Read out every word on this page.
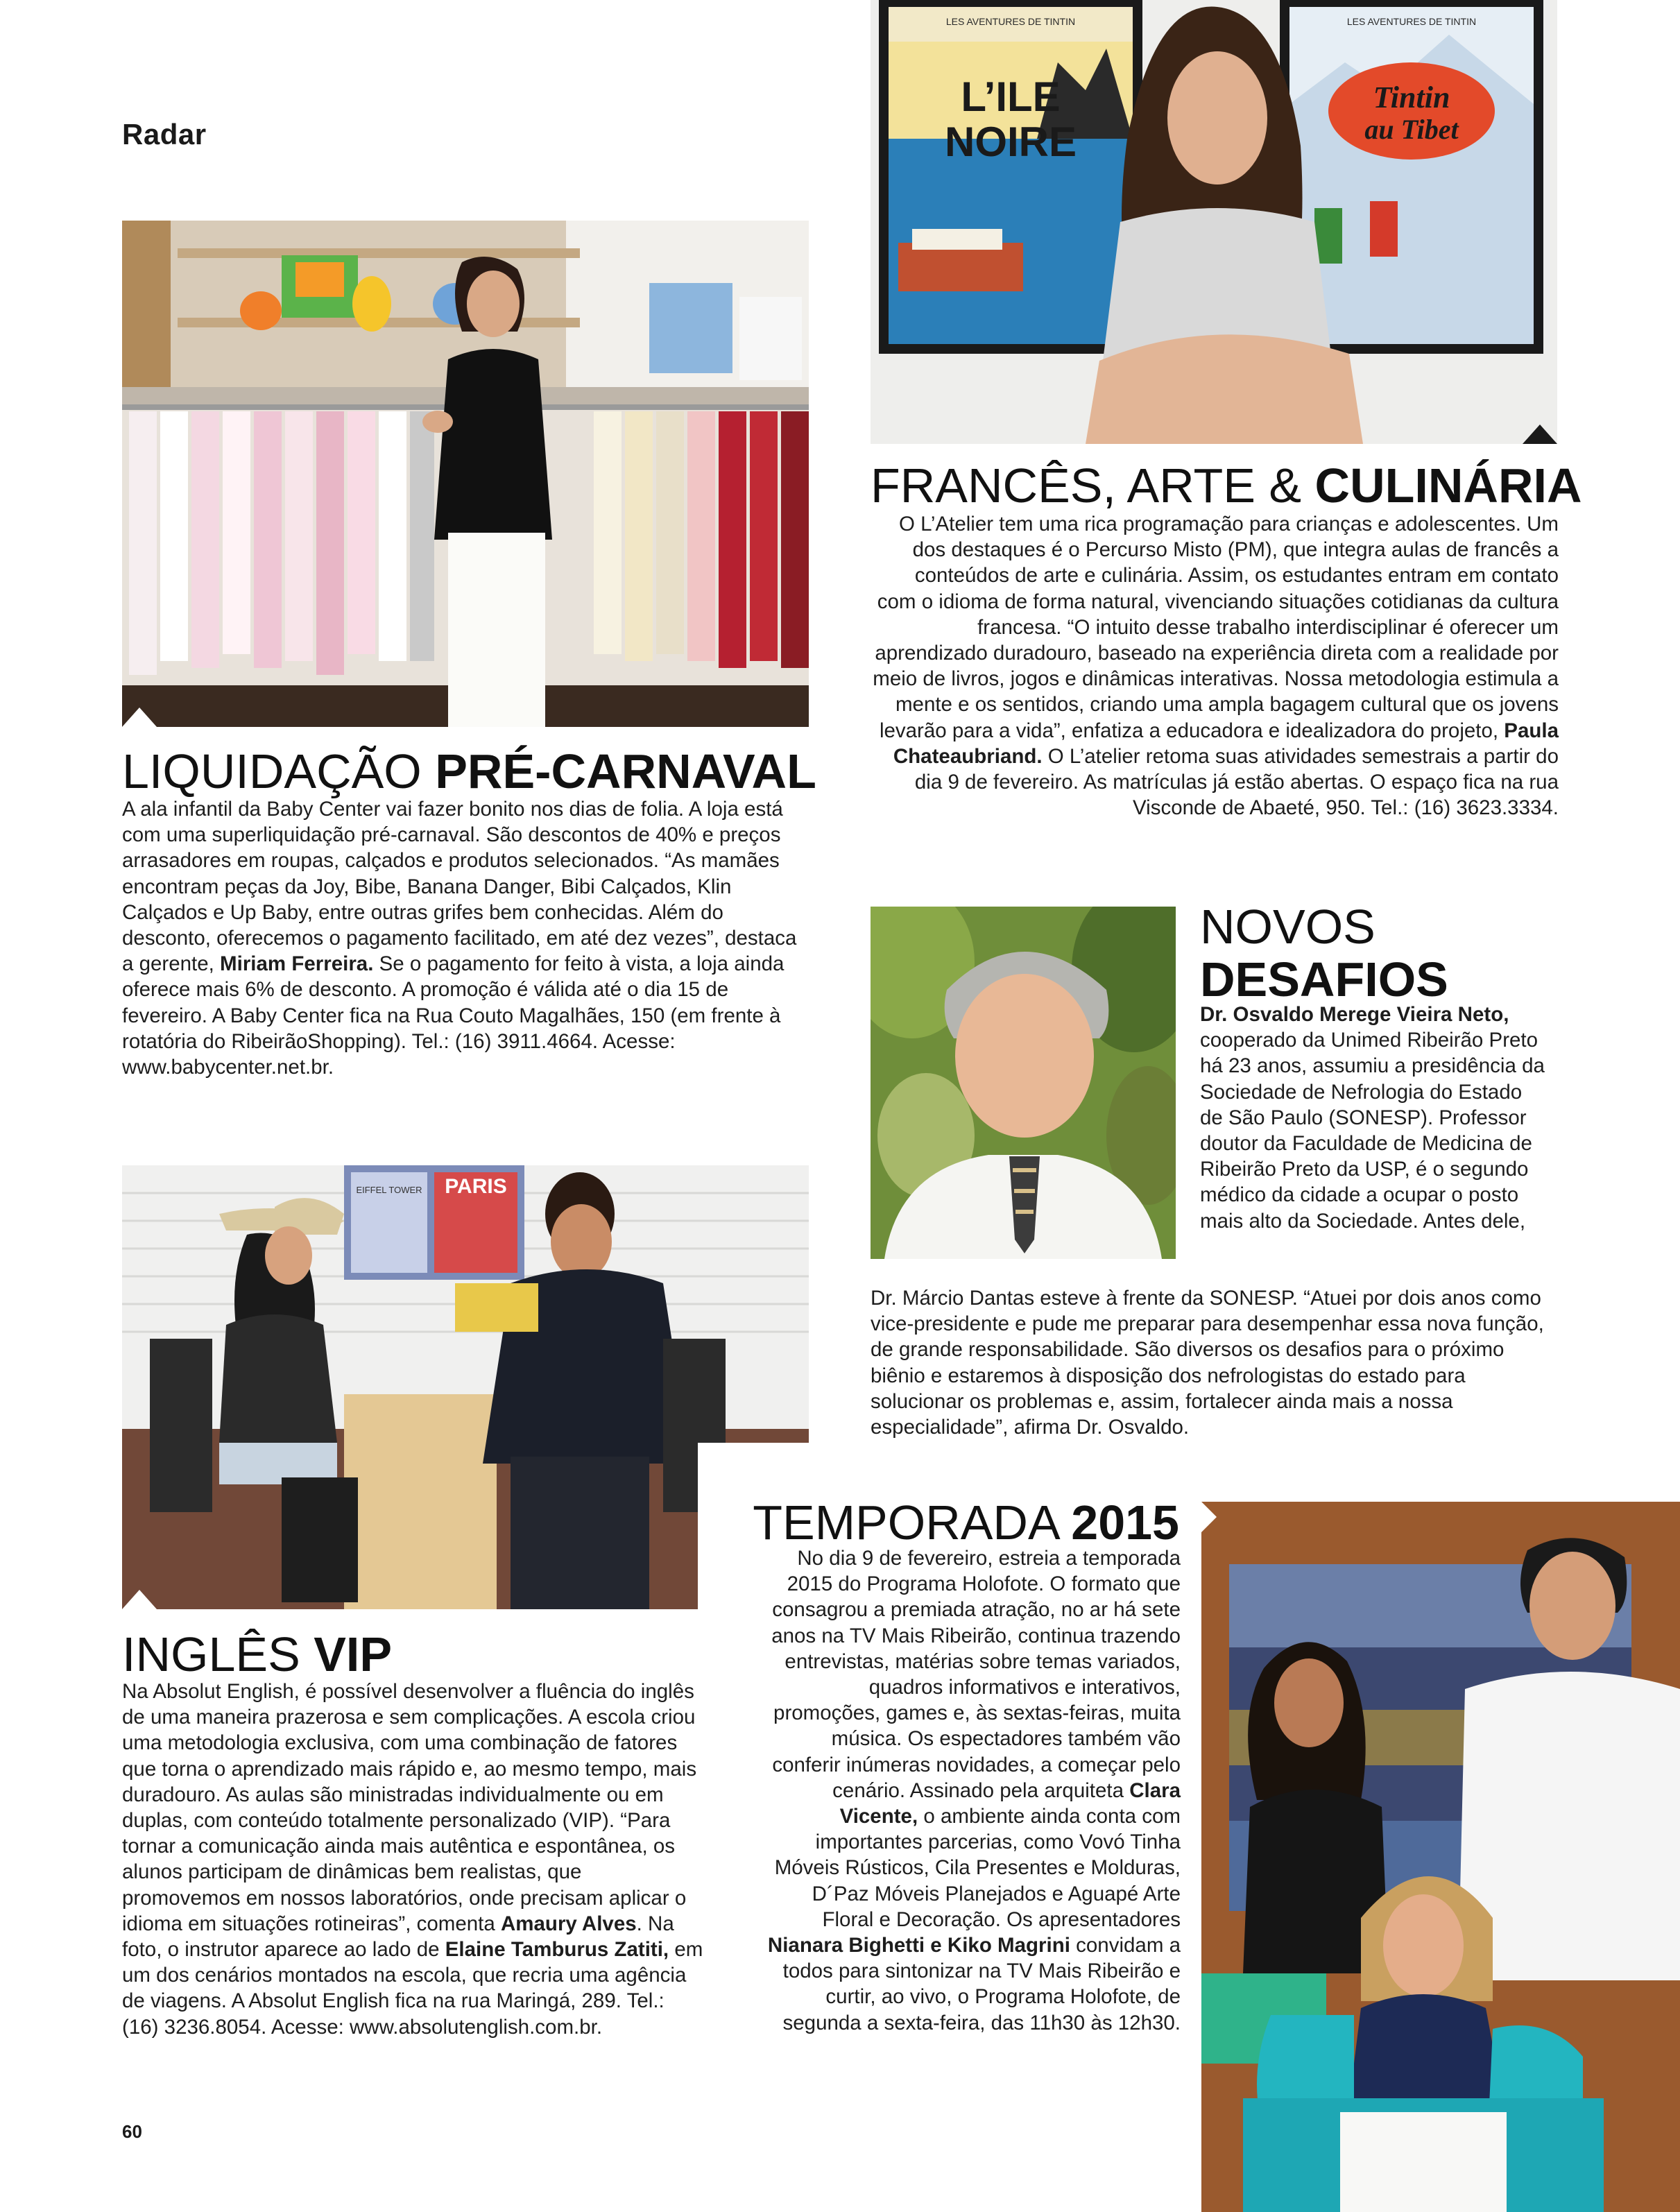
Radar
60
LES AVENTURES DE TINTIN
L’ILE
NOIRE
LES AVENTURES DE TINTIN
Tintin
au Tibet
PARIS
EIFFEL TOWER
LIQUIDAÇÃO PRÉ-CARNAVAL
A ala infantil da Baby Center vai fazer bonito nos dias de folia. A loja está com uma superliquidação pré-carnaval. São descontos de 40% e preços arrasadores em roupas, calçados e produtos selecionados. “As mamães encontram peças da Joy, Bibe, Banana Danger, Bibi Calçados, Klin Calçados e Up Baby, entre outras grifes bem conhecidas. Além do desconto, oferecemos o pagamento facilitado, em até dez vezes”, destaca a gerente, Miriam Ferreira. Se o pagamento for feito à vista, a loja ainda oferece mais 6% de desconto. A promoção é válida até o dia 15 de fevereiro. A Baby Center fica na Rua Couto Magalhães, 150 (em frente à rotatória do RibeirãoShopping). Tel.: (16) 3911.4664. Acesse: www.babycenter.net.br.
FRANCÊS, ARTE & CULINÁRIA
O L’Atelier tem uma rica programação para crianças e adolescentes. Um dos destaques é o Percurso Misto (PM), que integra aulas de francês a conteúdos de arte e culinária. Assim, os estudantes entram em contato com o idioma de forma natural, vivenciando situações cotidianas da cultura francesa. “O intuito desse trabalho interdisciplinar é oferecer um aprendizado duradouro, baseado na experiência direta com a realidade por meio de livros, jogos e dinâmicas interativas. Nossa metodologia estimula a mente e os sentidos, criando uma ampla bagagem cultural que os jovens levarão para a vida”, enfatiza a educadora e idealizadora do projeto, Paula Chateaubriand. O L’atelier retoma suas atividades semestrais a partir do dia 9 de fevereiro. As matrículas já estão abertas. O espaço fica na rua Visconde de Abaeté, 950. Tel.: (16) 3623.3334.
NOVOS
DESAFIOS
Dr. Osvaldo Merege Vieira Neto, cooperado da Unimed Ribeirão Preto há 23 anos, assumiu a presidência da Sociedade de Nefrologia do Estado de São Paulo (SONESP). Professor doutor da Faculdade de Medicina de Ribeirão Preto da USP, é o segundo médico da cidade a ocupar o posto mais alto da Sociedade. Antes dele,
Dr. Márcio Dantas esteve à frente da SONESP. “Atuei por dois anos como vice-presidente e pude me preparar para desempenhar essa nova função, de grande responsabilidade. São diversos os desafios para o próximo biênio e estaremos à disposição dos nefrologistas do estado para solucionar os problemas e, assim, fortalecer ainda mais a nossa especialidade”, afirma Dr. Osvaldo.
INGLÊS VIP
Na Absolut English, é possível desenvolver a fluência do inglês de uma maneira prazerosa e sem complicações. A escola criou uma metodologia exclusiva, com uma combinação de fatores que torna o aprendizado mais rápido e, ao mesmo tempo, mais duradouro. As aulas são ministradas individualmente ou em duplas, com conteúdo totalmente personalizado (VIP). “Para tornar a comunicação ainda mais autêntica e espontânea, os alunos participam de dinâmicas bem realistas, que promovemos em nossos laboratórios, onde precisam aplicar o idioma em situações rotineiras”, comenta Amaury Alves. Na foto, o instrutor aparece ao lado de Elaine Tamburus Zatiti, em um dos cenários montados na escola, que recria uma agência de viagens. A Absolut English fica na rua Maringá, 289. Tel.: (16) 3236.8054. Acesse: www.absolutenglish.com.br.
TEMPORADA 2015
No dia 9 de fevereiro, estreia a temporada 2015 do Programa Holofote. O formato que consagrou a premiada atração, no ar há sete anos na TV Mais Ribeirão, continua trazendo entrevistas, matérias sobre temas variados, quadros informativos e interativos, promoções, games e, às sextas-feiras, muita música. Os espectadores também vão conferir inúmeras novidades, a começar pelo cenário. Assinado pela arquiteta Clara Vicente, o ambiente ainda conta com importantes parcerias, como Vovó Tinha Móveis Rústicos, Cila Presentes e Molduras, D´Paz Móveis Planejados e Aguapé Arte Floral e Decoração. Os apresentadores Nianara Bighetti e Kiko Magrini convidam a todos para sintonizar na TV Mais Ribeirão e curtir, ao vivo, o Programa Holofote, de segunda a sexta-feira, das 11h30 às 12h30.
